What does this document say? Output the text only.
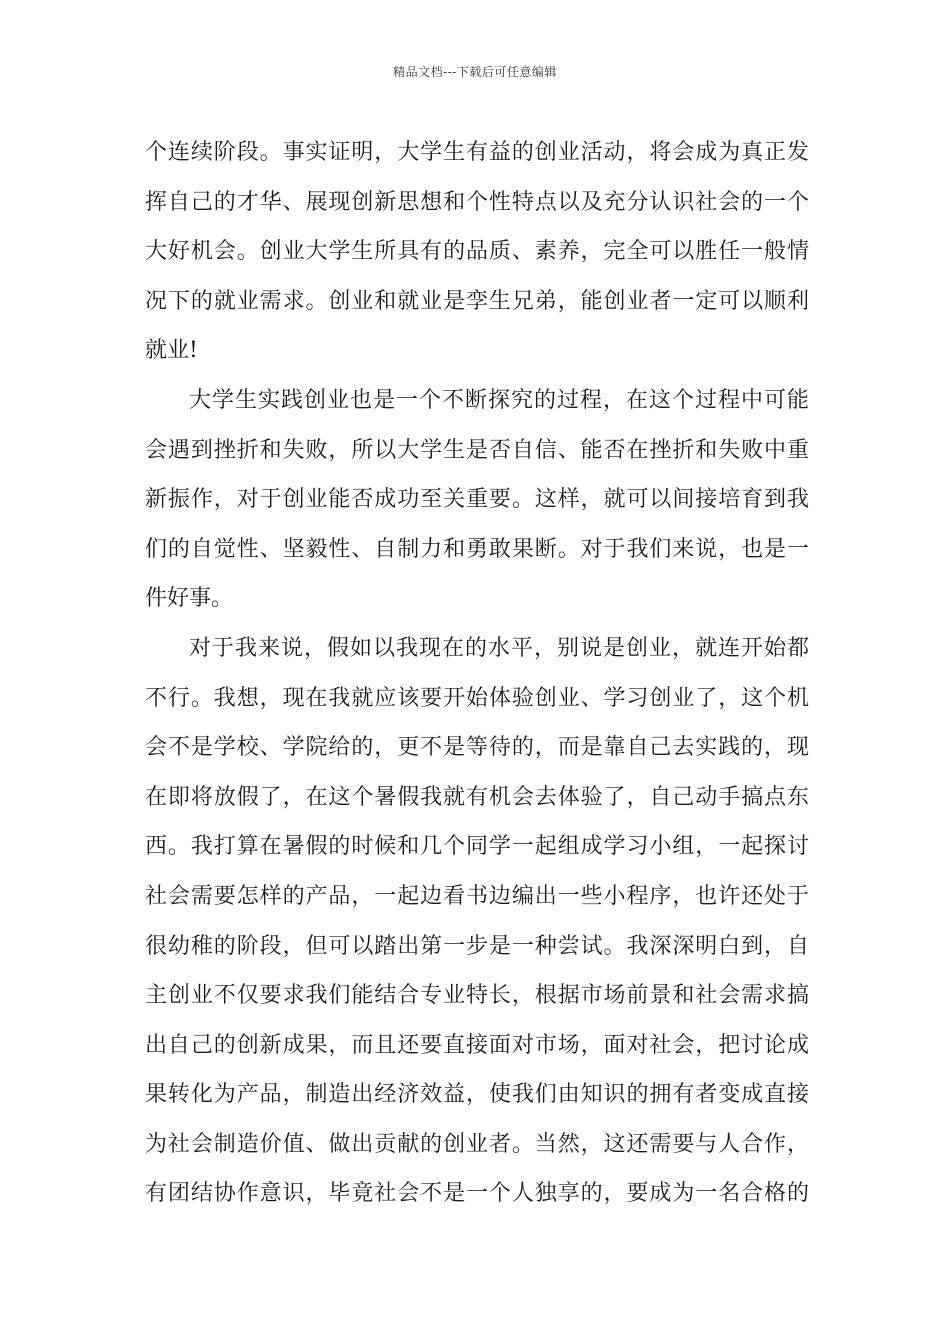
精品文档---下载后可任意编辑
个连续阶段。事实证明，大学生有益的创业活动，将会成为真正发
挥自己的才华、展现创新思想和个性特点以及充分认识社会的一个
大好机会。创业大学生所具有的品质、素养，完全可以胜任一般情
况下的就业需求。创业和就业是孪生兄弟，能创业者一定可以顺利
就业!
大学生实践创业也是一个不断探究的过程，在这个过程中可能
会遇到挫折和失败，所以大学生是否自信、能否在挫折和失败中重
新振作，对于创业能否成功至关重要。这样，就可以间接培育到我
们的自觉性、坚毅性、自制力和勇敢果断。对于我们来说，也是一
件好事。
对于我来说，假如以我现在的水平，别说是创业，就连开始都
不行。我想，现在我就应该要开始体验创业、学习创业了，这个机
会不是学校、学院给的，更不是等待的，而是靠自己去实践的，现
在即将放假了，在这个暑假我就有机会去体验了，自己动手搞点东
西。我打算在暑假的时候和几个同学一起组成学习小组，一起探讨
社会需要怎样的产品，一起边看书边编出一些小程序，也许还处于
很幼稚的阶段，但可以踏出第一步是一种尝试。我深深明白到，自
主创业不仅要求我们能结合专业特长，根据市场前景和社会需求搞
出自己的创新成果，而且还要直接面对市场，面对社会，把讨论成
果转化为产品，制造出经济效益，使我们由知识的拥有者变成直接
为社会制造价值、做出贡献的创业者。当然，这还需要与人合作，
有团结协作意识，毕竟社会不是一个人独享的，要成为一名合格的
